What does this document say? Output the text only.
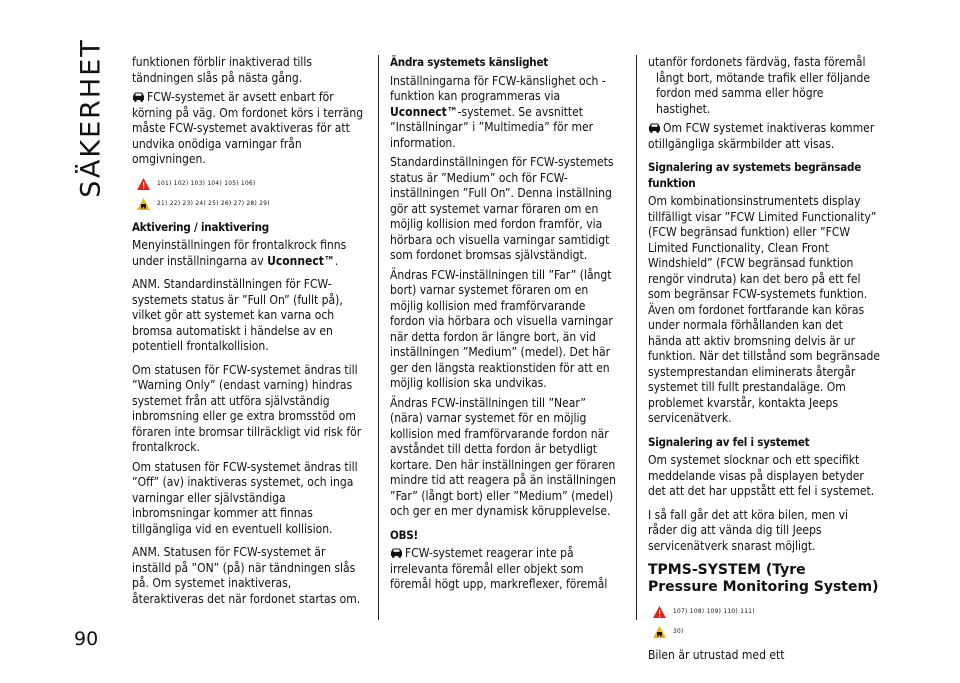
SÄKERHET
90

funktionen förblir inaktiverad tills tändningen slås på nästa gång.

FCW-systemet är avsett enbart för körning på väg. Om fordonet körs i terräng måste FCW-systemet avaktiveras för att undvika onödiga varningar från omgivningen.

101) 102) 103) 104) 105) 106)
21) 22) 23) 24) 25) 26) 27) 28) 29)
Aktivering / inaktivering

Menyinställningen för frontalkrock finns under inställningarna av Uconnect™.

ANM. Standardinställningen för FCW-systemets status är ”Full On” (fullt på), vilket gör att systemet kan varna och bromsa automatiskt i händelse av en potentiell frontalkollision.

Om statusen för FCW-systemet ändras till ”Warning Only” (endast varning) hindras systemet från att utföra självständig inbromsning eller ge extra bromsstöd om föraren inte bromsar tillräckligt vid risk för frontalkrock.

Om statusen för FCW-systemet ändras till ”Off” (av) inaktiveras systemet, och inga varningar eller självständiga inbromsningar kommer att finnas tillgängliga vid en eventuell kollision.

ANM. Statusen för FCW-systemet är inställd på ”ON” (på) när tändningen slås på. Om systemet inaktiveras, återaktiveras det när fordonet startas om.

Ändra systemets känslighet

Inställningarna för FCW-känslighet och -funktion kan programmeras via Uconnect™-systemet. Se avsnittet ”Inställningar” i ”Multimedia” för mer information.

Standardinställningen för FCW-systemets status är ”Medium” och för FCW-inställningen ”Full On”. Denna inställning gör att systemet varnar föraren om en möjlig kollision med fordon framför, via hörbara och visuella varningar samtidigt som fordonet bromsas självständigt.

Ändras FCW-inställningen till ”Far” (långt bort) varnar systemet föraren om en möjlig kollision med framförvarande fordon via hörbara och visuella varningar när detta fordon är längre bort, än vid inställningen ”Medium” (medel). Det här ger den längsta reaktionstiden för att en möjlig kollision ska undvikas.

Ändras FCW-inställningen till ”Near” (nära) varnar systemet för en möjlig kollision med framförvarande fordon när avståndet till detta fordon är betydligt kortare. Den här inställningen ger föraren mindre tid att reagera på än inställningen ”Far” (långt bort) eller ”Medium” (medel) och ger en mer dynamisk körupplevelse.

OBS!

FCW-systemet reagerar inte på irrelevanta föremål eller objekt som föremål högt upp, markreflexer, föremål

utanför fordonets färdväg, fasta föremål långt bort, mötande trafik eller följande fordon med samma eller högre hastighet.

Om FCW systemet inaktiveras kommer otillgängliga skärmbilder att visas.

Signalering av systemets begränsade funktion

Om kombinationsinstrumentets display tillfälligt visar ”FCW Limited Functionality” (FCW begränsad funktion) eller ”FCW Limited Functionality, Clean Front Windshield” (FCW begränsad funktion rengör vindruta) kan det bero på ett fel som begränsar FCW-systemets funktion. Även om fordonet fortfarande kan köras under normala förhållanden kan det hända att aktiv bromsning delvis är ur funktion. När det tillstånd som begränsade systemprestandan eliminerats återgår systemet till fullt prestandaläge. Om problemet kvarstår, kontakta Jeeps servicenätverk.

Signalering av fel i systemet

Om systemet slocknar och ett specifikt meddelande visas på displayen betyder det att det har uppstått ett fel i systemet.

I så fall går det att köra bilen, men vi råder dig att vända dig till Jeeps servicenätverk snarast möjligt.

TPMS-SYSTEM (Tyre Pressure Monitoring System)
107) 108) 109) 110) 111)
30)

Bilen är utrustad med ett
